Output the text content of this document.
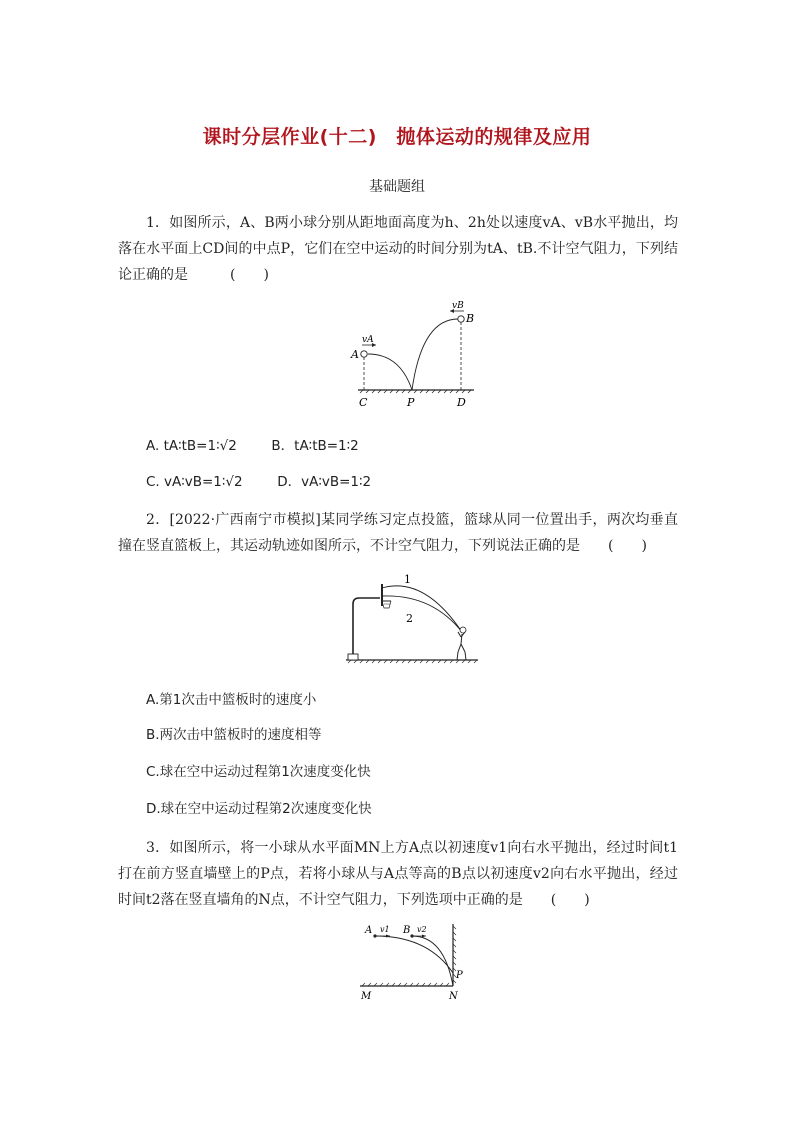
课时分层作业(十二)　抛体运动的规律及应用
基础题组
1．如图所示，A、B两小球分别从距地面高度为h、2h处以速度vA、vB水平抛出，均落在水平面上CD间的中点P，它们在空中运动的时间分别为tA、tB.不计空气阻力，下列结论正确的是　　　(　　)
vA
vB
A
B
C	P	D
A. tA∶tB=1∶√2	B．tA∶tB=1∶2
C. vA∶vB=1∶√2	D．vA∶vB=1∶2
2．[2022·广西南宁市模拟]某同学练习定点投篮，篮球从同一位置出手，两次均垂直撞在竖直篮板上，其运动轨迹如图所示，不计空气阻力，下列说法正确的是　　(　　)
1
2
A.第1次击中篮板时的速度小
B.两次击中篮板时的速度相等
C.球在空中运动过程第1次速度变化快
D.球在空中运动过程第2次速度变化快
3．如图所示，将一小球从水平面MN上方A点以初速度v1向右水平抛出，经过时间t1打在前方竖直墙壁上的P点，若将小球从与A点等高的B点以初速度v2向右水平抛出，经过时间t2落在竖直墙角的N点，不计空气阻力，下列选项中正确的是　　(　　)
A v1 B v2
P
M	N
